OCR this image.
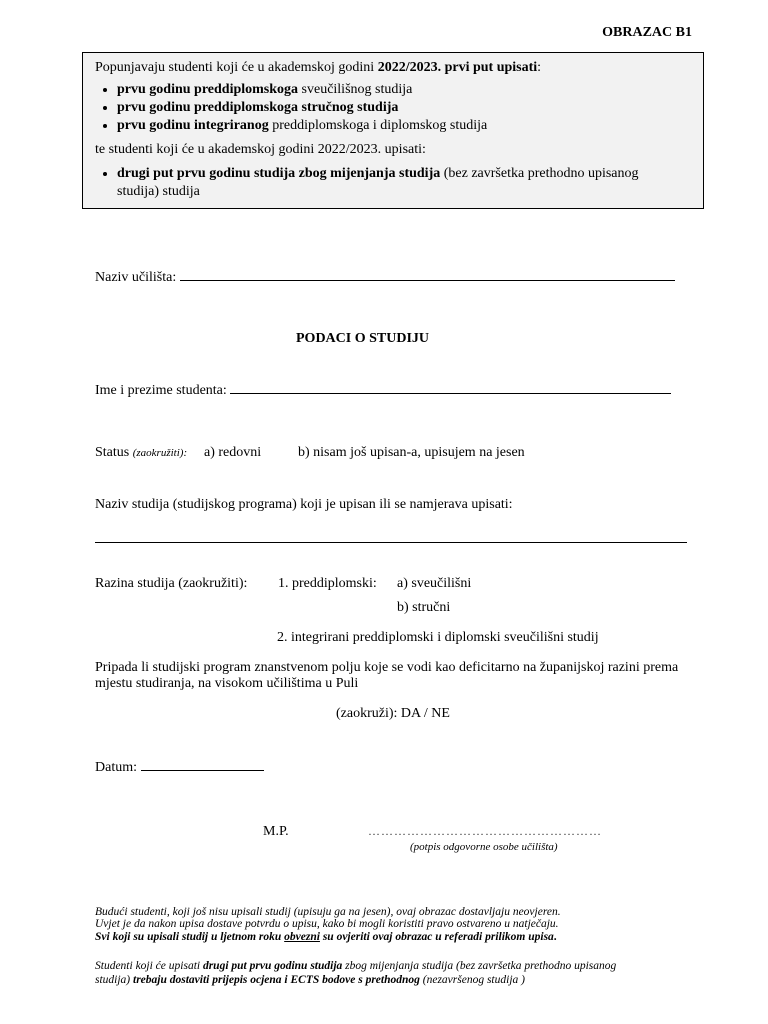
OBRAZAC B1

Popunjavaju studenti koji će u akademskoj godini 2022/2023. prvi put upisati:

• prvu godinu preddiplomskoga sveučilišnog studija
• prvu godinu preddiplomskoga stručnog studija
• prvu godinu integriranog preddiplomskoga i diplomskog studija

te studenti koji će u akademskoj godini 2022/2023. upisati:

• drugi put prvu godinu studija zbog mijenjanja studija (bez završetka prethodno upisanog
studija) studija
Naziv učilišta:
PODACI O STUDIJU
Ime i prezime studenta:
Status (zaokružiti): a) redovni	b) nisam još upisan-a, upisujem na jesen
Naziv studija (studijskog programa) koji je upisan ili se namjerava upisati:
Razina studija (zaokružiti): 1. preddiplomski: a) sveučilišni
b) stručni
2. integrirani preddiplomski i diplomski sveučilišni studij
Pripada li studijski program znanstvenom polju koje se vodi kao deficitarno na županijskoj razini prema
mjestu studiranja, na visokom učilištima u Puli
(zaokruži): DA / NE
Datum:
M.P.	………………………………………………
(potpis odgovorne osobe učilišta)
Budući studenti, koji još nisu upisali studij (upisuju ga na jesen), ovaj obrazac dostavljaju neovjeren.
Uvjet je da nakon upisa dostave potvrdu o upisu, kako bi mogli koristiti pravo ostvareno u natječaju.
Svi koji su upisali studij u ljetnom roku obvezni su ovjeriti ovaj obrazac u referadi prilikom upisa.
Studenti koji će upisati drugi put prvu godinu studija zbog mijenjanja studija (bez završetka prethodno upisanog
studija) trebaju dostaviti prijepis ocjena i ECTS bodove s prethodnog (nezavršenog studija )
